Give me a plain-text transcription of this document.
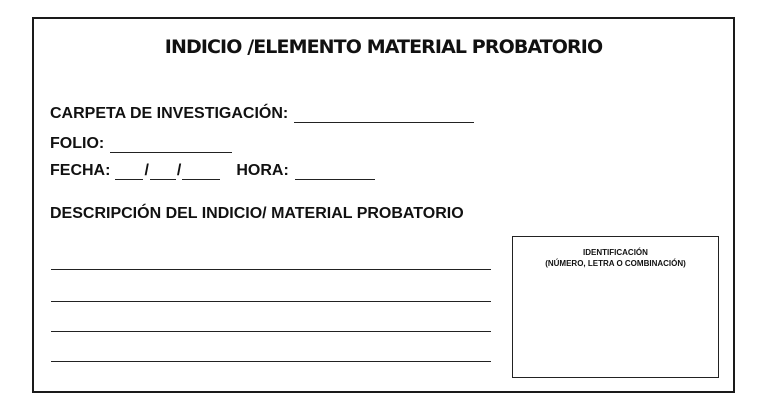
INDICIO /ELEMENTO MATERIAL PROBATORIO
CARPETA DE INVESTIGACIÓN:
FOLIO:
FECHA: / /	HORA:
DESCRIPCIÓN DEL INDICIO/ MATERIAL PROBATORIO
IDENTIFICACIÓN
(NÚMERO, LETRA O COMBINACIÓN)
